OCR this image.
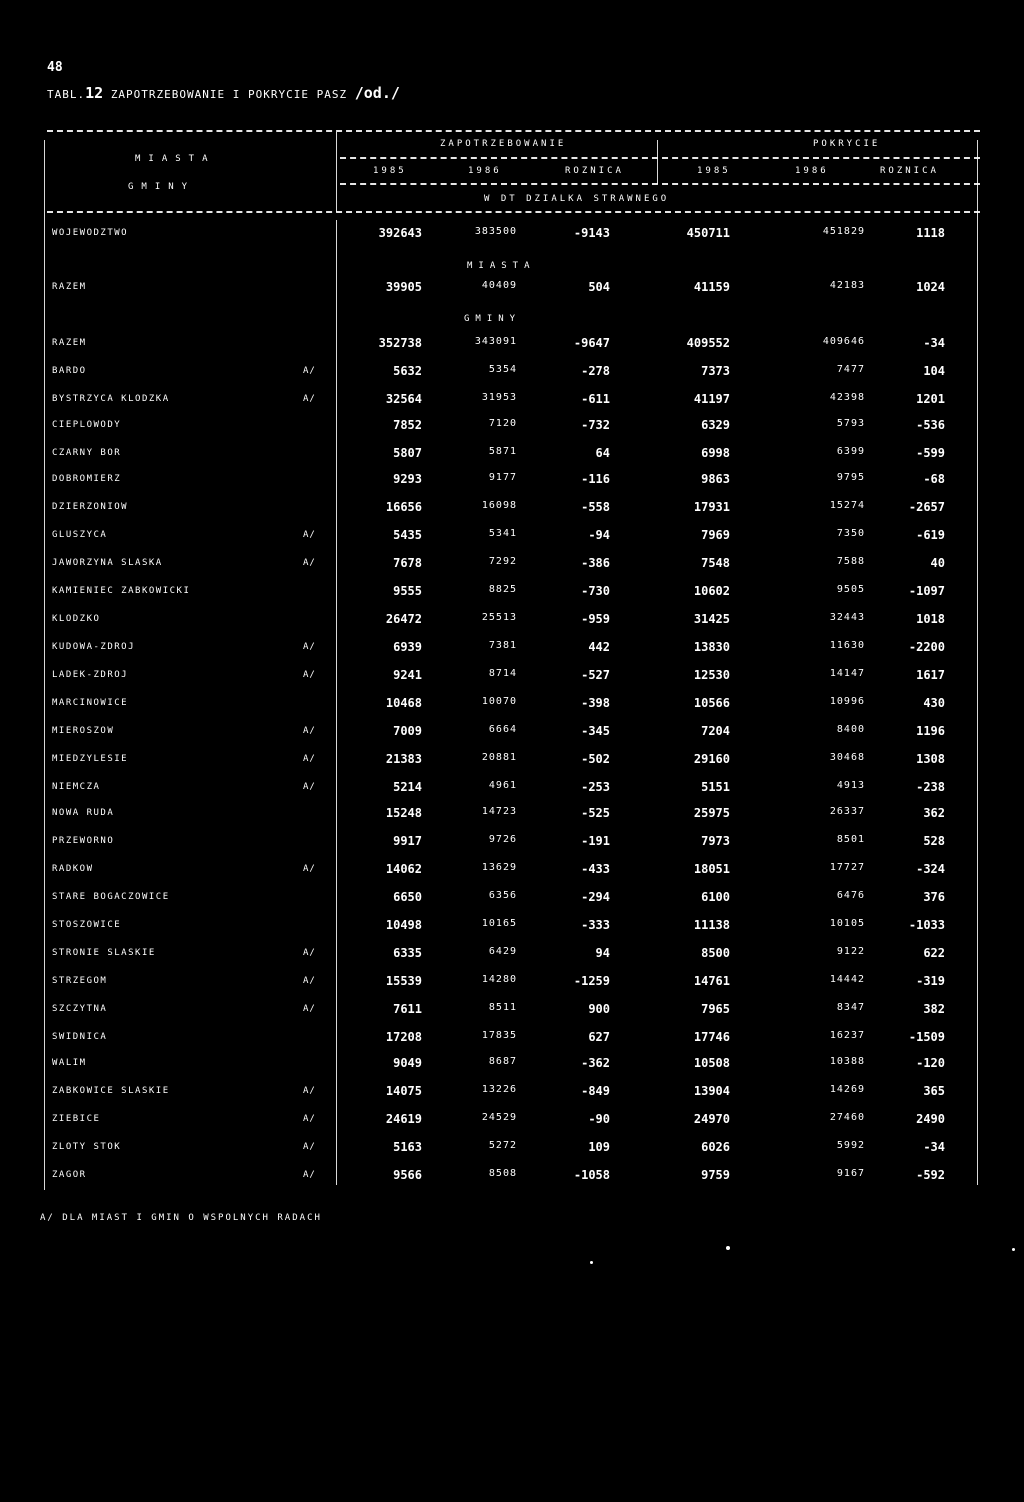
48
TABL.12 ZAPOTRZEBOWANIE I POKRYCIE PASZ /od./
MIASTA
GMINY
ZAPOTRZEBOWANIE	POKRYCIE
1985	1986	ROZNICA	1985	1986	ROZNICA
W DT DZIALKA STRAWNEGO
MIASTA
GMINY
WOJEWODZTWO	392643	383500	-9143	450711	451829	1118
RAZEM	39905	40409	504	41159	42183	1024
RAZEM	352738	343091	-9647	409552	409646	-34
BARDO	A/	5632	5354	-278	7373	7477	104
BYSTRZYCA KLODZKA	A/	32564	31953	-611	41197	42398	1201
CIEPLOWODY	7852	7120	-732	6329	5793	-536
CZARNY BOR	5807	5871	64	6998	6399	-599
DOBROMIERZ	9293	9177	-116	9863	9795	-68
DZIERZONIOW	16656	16098	-558	17931	15274	-2657
GLUSZYCA	A/	5435	5341	-94	7969	7350	-619
JAWORZYNA SLASKA	A/	7678	7292	-386	7548	7588	40
KAMIENIEC ZABKOWICKI	9555	8825	-730	10602	9505	-1097
KLODZKO	26472	25513	-959	31425	32443	1018
KUDOWA-ZDROJ	A/	6939	7381	442	13830	11630	-2200
LADEK-ZDROJ	A/	9241	8714	-527	12530	14147	1617
MARCINOWICE	10468	10070	-398	10566	10996	430
MIEROSZOW	A/	7009	6664	-345	7204	8400	1196
MIEDZYLESIE	A/	21383	20881	-502	29160	30468	1308
NIEMCZA	A/	5214	4961	-253	5151	4913	-238
NOWA RUDA	15248	14723	-525	25975	26337	362
PRZEWORNO	9917	9726	-191	7973	8501	528
RADKOW	A/	14062	13629	-433	18051	17727	-324
STARE BOGACZOWICE	6650	6356	-294	6100	6476	376
STOSZOWICE	10498	10165	-333	11138	10105	-1033
STRONIE SLASKIE	A/	6335	6429	94	8500	9122	622
STRZEGOM	A/	15539	14280	-1259	14761	14442	-319
SZCZYTNA	A/	7611	8511	900	7965	8347	382
SWIDNICA	17208	17835	627	17746	16237	-1509
WALIM	9049	8687	-362	10508	10388	-120
ZABKOWICE SLASKIE	A/	14075	13226	-849	13904	14269	365
ZIEBICE	A/	24619	24529	-90	24970	27460	2490
ZLOTY STOK	A/	5163	5272	109	6026	5992	-34
ZAGOR	A/	9566	8508	-1058	9759	9167	-592
A/ DLA MIAST I GMIN O WSPOLNYCH RADACH
